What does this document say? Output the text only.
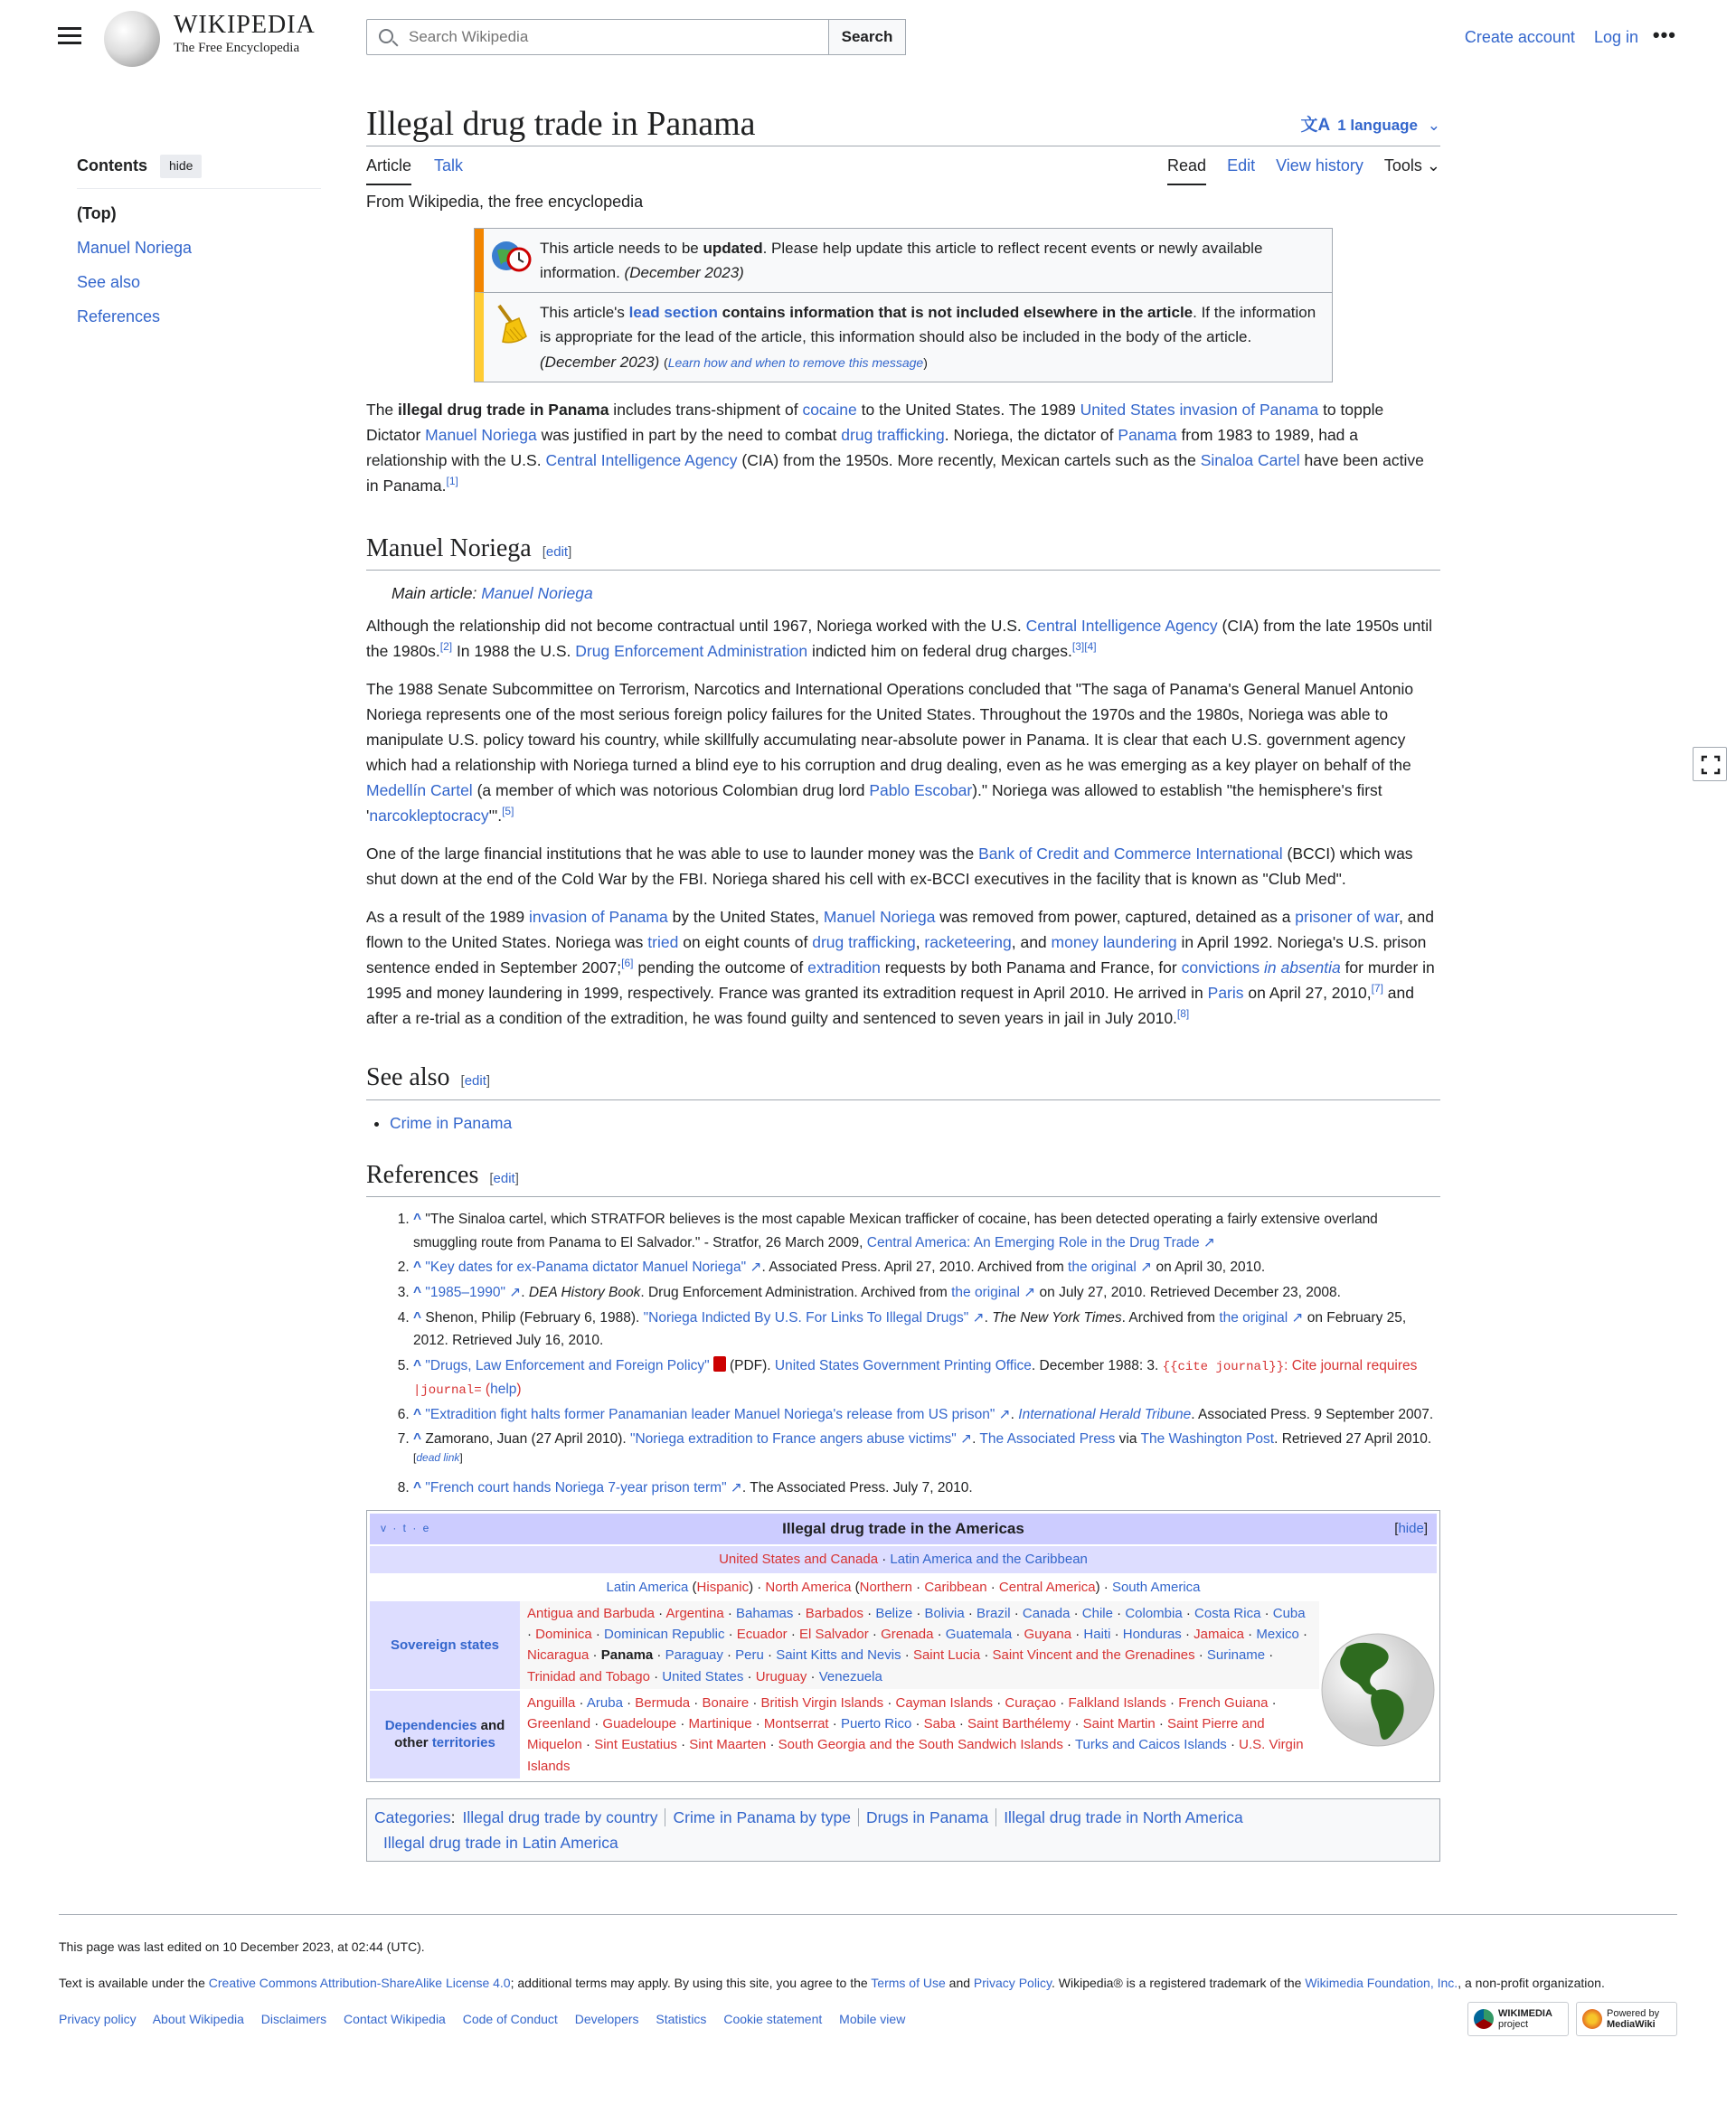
WIKIPEDIA
The Free Encyclopedia
Search Wikipedia
Search	Create account Log in •••
Contents	hide
(Top)
Manuel Noriega
See also
References
Illegal drug trade in Panama	文A 1 language ⌄
Article Talk	Read Edit View history Tools ⌄
From Wikipedia, the free encyclopedia
This article needs to be updated. Please help update this article to reflect recent events or newly available information. (December 2023)
This article's lead section contains information that is not included elsewhere in the article. If the information is appropriate for the lead of the article, this information should also be included in the body of the article. (December 2023) (Learn how and when to remove this message)

The illegal drug trade in Panama includes trans-shipment of cocaine to the United States. The 1989 United States invasion of Panama to topple Dictator Manuel Noriega was justified in part by the need to combat drug trafficking. Noriega, the dictator of Panama from 1983 to 1989, had a relationship with the U.S. Central Intelligence Agency (CIA) from the 1950s. More recently, Mexican cartels such as the Sinaloa Cartel have been active in Panama.[1]

Manuel Noriega [edit]
Main article: Manuel Noriega

Although the relationship did not become contractual until 1967, Noriega worked with the U.S. Central Intelligence Agency (CIA) from the late 1950s until the 1980s.[2] In 1988 the U.S. Drug Enforcement Administration indicted him on federal drug charges.[3][4]

The 1988 Senate Subcommittee on Terrorism, Narcotics and International Operations concluded that "The saga of Panama's General Manuel Antonio Noriega represents one of the most serious foreign policy failures for the United States. Throughout the 1970s and the 1980s, Noriega was able to manipulate U.S. policy toward his country, while skillfully accumulating near-absolute power in Panama. It is clear that each U.S. government agency which had a relationship with Noriega turned a blind eye to his corruption and drug dealing, even as he was emerging as a key player on behalf of the Medellín Cartel (a member of which was notorious Colombian drug lord Pablo Escobar)." Noriega was allowed to establish "the hemisphere's first 'narcokleptocracy'".[5]

One of the large financial institutions that he was able to use to launder money was the Bank of Credit and Commerce International (BCCI) which was shut down at the end of the Cold War by the FBI. Noriega shared his cell with ex-BCCI executives in the facility that is known as "Club Med".

As a result of the 1989 invasion of Panama by the United States, Manuel Noriega was removed from power, captured, detained as a prisoner of war, and flown to the United States. Noriega was tried on eight counts of drug trafficking, racketeering, and money laundering in April 1992. Noriega's U.S. prison sentence ended in September 2007;[6] pending the outcome of extradition requests by both Panama and France, for convictions in absentia for murder in 1995 and money laundering in 1999, respectively. France was granted its extradition request in April 2010. He arrived in Paris on April 27, 2010,[7] and after a re-trial as a condition of the extradition, he was found guilty and sentenced to seven years in jail in July 2010.[8]

See also [edit]
• Crime in Panama
References [edit]
1. ^ "The Sinaloa cartel, which STRATFOR believes is the most capable Mexican trafficker of cocaine, has been detected operating a fairly extensive overland smuggling route from Panama to El Salvador." - Stratfor, 26 March 2009, Central America: An Emerging Role in the Drug Trade ↗
2. ^ "Key dates for ex-Panama dictator Manuel Noriega" ↗. Associated Press. April 27, 2010. Archived from the original ↗ on April 30, 2010.
3. ^ "1985–1990" ↗. DEA History Book. Drug Enforcement Administration. Archived from the original ↗ on July 27, 2010. Retrieved December 23, 2008.
4. ^ Shenon, Philip (February 6, 1988). "Noriega Indicted By U.S. For Links To Illegal Drugs" ↗. The New York Times. Archived from the original ↗ on February 25, 2012. Retrieved July 16, 2010.
5. ^ "Drugs, Law Enforcement and Foreign Policy" (PDF). United States Government Printing Office. December 1988: 3. {{cite journal}}: Cite journal requires |journal= (help)
6. ^ "Extradition fight halts former Panamanian leader Manuel Noriega's release from US prison" ↗. International Herald Tribune. Associated Press. 9 September 2007.
7. ^ Zamorano, Juan (27 April 2010). "Noriega extradition to France angers abuse victims" ↗. The Associated Press via The Washington Post. Retrieved 27 April 2010.[dead link]
8. ^ "French court hands Noriega 7-year prison term" ↗. The Associated Press. July 7, 2010.
v · t · e	Illegal drug trade in the Americas	[hide]
United States and Canada · Latin America and the Caribbean
Latin America (Hispanic) · North America (Northern · Caribbean · Central America) · South America
Sovereign states
Antigua and Barbuda · Argentina · Bahamas · Barbados · Belize · Bolivia · Brazil · Canada · Chile · Colombia · Costa Rica · Cuba · Dominica · Dominican Republic · Ecuador · El Salvador · Grenada · Guatemala · Guyana · Haiti · Honduras · Jamaica · Mexico · Nicaragua · Panama · Paraguay · Peru · Saint Kitts and Nevis · Saint Lucia · Saint Vincent and the Grenadines · Suriname · Trinidad and Tobago · United States · Uruguay · Venezuela
Dependencies and other territories
Anguilla · Aruba · Bermuda · Bonaire · British Virgin Islands · Cayman Islands · Curaçao · Falkland Islands · French Guiana · Greenland · Guadeloupe · Martinique · Montserrat · Puerto Rico · Saba · Saint Barthélemy · Saint Martin · Saint Pierre and Miquelon · Sint Eustatius · Sint Maarten · South Georgia and the South Sandwich Islands · Turks and Caicos Islands · U.S. Virgin Islands
Categories: Illegal drug trade by country Crime in Panama by type Drugs in Panama Illegal drug trade in North America
Illegal drug trade in Latin America

This page was last edited on 10 December 2023, at 02:44 (UTC).

Text is available under the Creative Commons Attribution-ShareAlike License 4.0; additional terms may apply. By using this site, you agree to the Terms of Use and Privacy Policy. Wikipedia® is a registered trademark of the Wikimedia Foundation, Inc., a non-profit organization.

Privacy policy About Wikipedia Disclaimers Contact Wikipedia Code of Conduct Developers Statistics Cookie statement Mobile view	WIKIMEDIA
project
Powered by
MediaWiki
